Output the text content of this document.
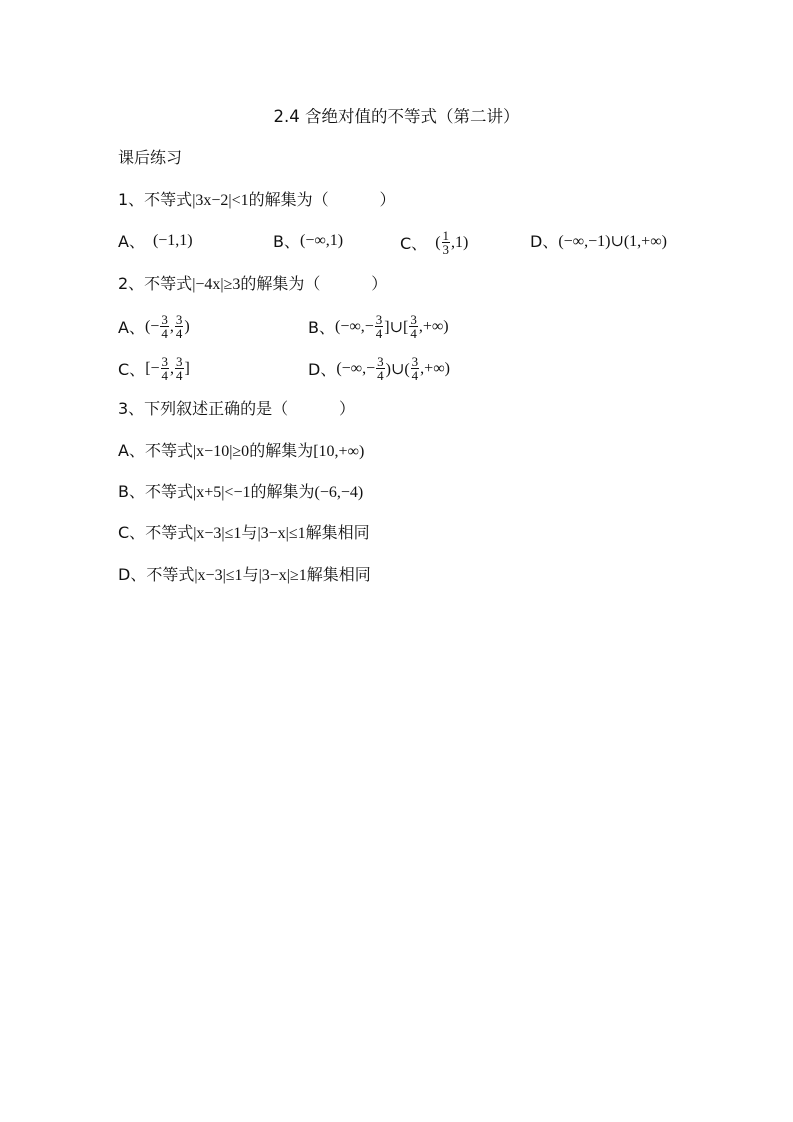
2.4 含绝对值的不等式（第二讲）
课后练习
1、不等式|3x−2|<1的解集为（          ）
A、 (−1,1)	B、 (−∞,1)	C、 ( $\frac{1}{3} ,1$)	D、 (−∞,−1)∪(1,+∞)
2、不等式|−4x|≥3的解集为（          ）
A、 (− $\frac{3}{4}$ , $\frac{3}{4}$ )	B、 (−∞,− $\frac{3}{4}$ ]∪[ $\frac{3}{4}$ ,+∞)
C、 [− $\frac{3}{4}$ , $\frac{3}{4}$ ]	D、 (−∞,− $\frac{3}{4}$ )∪( $\frac{3}{4}$ ,+∞)
3、下列叙述正确的是（          ）
A、不等式|x−10|≥0的解集为[10,+∞)
B、不等式|x+5|<−1的解集为(−6,−4)
C、不等式|x−3|≤1与|3−x|≤1解集相同
D、不等式|x−3|≤1与|3−x|≥1解集相同
